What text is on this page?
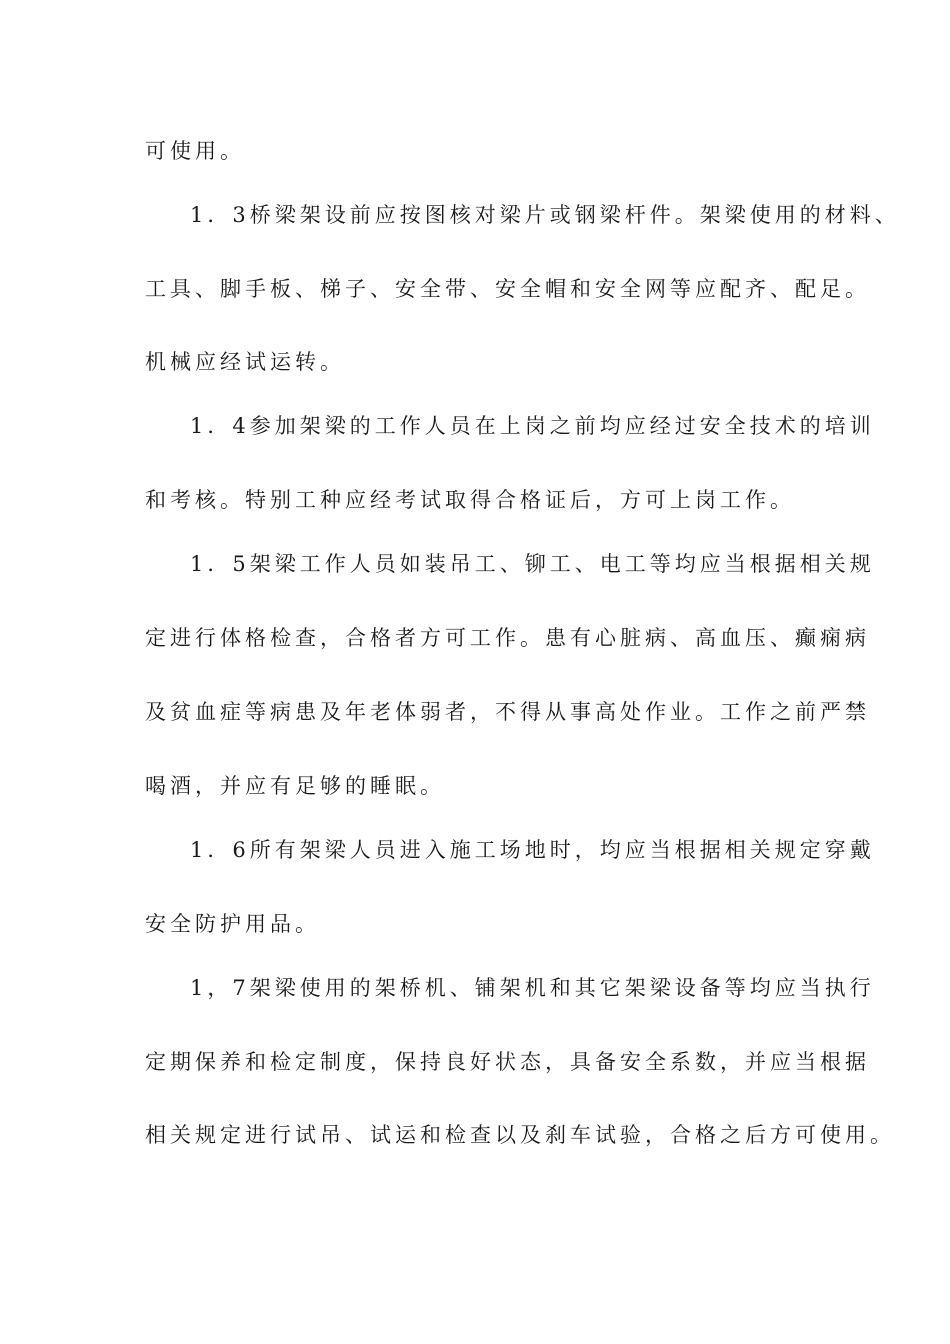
可使用。
1．3桥梁架设前应按图核对梁片或钢梁杆件。架梁使用的材料、
工具、脚手板、梯子、安全带、安全帽和安全网等应配齐、配足。
机械应经试运转。
1．4参加架梁的工作人员在上岗之前均应经过安全技术的培训
和考核。特别工种应经考试取得合格证后，方可上岗工作。
1．5架梁工作人员如装吊工、铆工、电工等均应当根据相关规
定进行体格检查，合格者方可工作。患有心脏病、高血压、癫痫病
及贫血症等病患及年老体弱者，不得从事高处作业。工作之前严禁
喝酒，并应有足够的睡眠。
1．6所有架梁人员进入施工场地时，均应当根据相关规定穿戴
安全防护用品。
1，7架梁使用的架桥机、铺架机和其它架梁设备等均应当执行
定期保养和检定制度，保持良好状态，具备安全系数，并应当根据
相关规定进行试吊、试运和检查以及刹车试验，合格之后方可使用。
